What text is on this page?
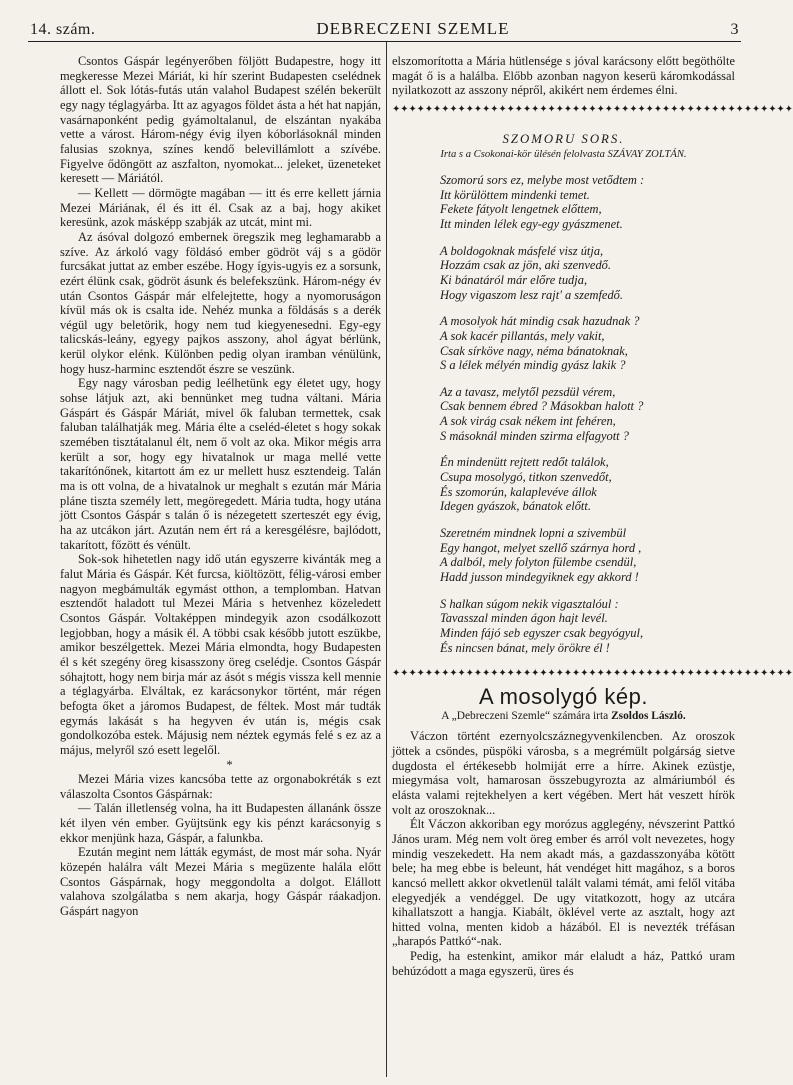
14. szám.	DEBRECZENI SZEMLE	3

Csontos Gáspár legényerőben följött Budapestre, hogy itt megkeresse Mezei Máriát, ki hír szerint Budapesten cselédnek állott el. Sok lótás-futás után valahol Budapest szélén bekerült egy nagy téglagyárba. Itt az agyagos földet ásta a hét hat napján, vasárnaponként pedig gyámoltalanul, de elszántan nyakába vette a várost. Három-négy évig ilyen kóborlásoknál minden falusias szoknya, színes kendő belevillámlott a szívébe. Figyelve ődöngött az aszfalton, nyomokat... jeleket, üzeneteket keresett — Máriától.

— Kellett — dörmögte magában — itt és erre kellett járnia Mezei Máriának, él és itt él. Csak az a baj, hogy akiket keresünk, azok másképp szabják az utcát, mint mi.

Az ásóval dolgozó embernek öregszik meg leghamarabb a szíve. Az árkoló vagy földásó ember gödröt váj s a gödör furcsákat juttat az ember eszébe. Hogy ígyis-ugyis ez a sorsunk, ezért élünk csak, gödröt ásunk és belefekszünk. Három-négy év után Csontos Gáspár már elfelejtette, hogy a nyomoruságon kívül más ok is csalta ide. Nehéz munka a földásás s a derék végül ugy beletörik, hogy nem tud kiegyenesedni. Egy-egy talicskás-leány, egyegy pajkos asszony, ahol ágyat bérlünk, kerül olykor elénk. Különben pedig olyan iramban vénülünk, hogy husz-harminc esztendőt észre se veszünk.

Egy nagy városban pedig leélhetünk egy életet ugy, hogy sohse látjuk azt, aki bennünket meg tudna váltani. Mária Gáspárt és Gáspár Máriát, mivel ők faluban termettek, csak faluban találhatják meg. Mária élte a cseléd-életet s hogy sokak szemében tisztátalanul élt, nem ő volt az oka. Mikor mégis arra került a sor, hogy egy hivatalnok ur maga mellé vette takarítónőnek, kitartott ám ez ur mellett husz esztendeig. Talán ma is ott volna, de a hivatalnok ur meghalt s ezután már Mária pláne tiszta személy lett, megöregedett. Mária tudta, hogy utána jött Csontos Gáspár s talán ő is nézegetett szerteszét egy évig, ha az utcákon járt. Azután nem ért rá a keresgélésre, bajlódott, takarított, főzött és vénült.

Sok-sok hihetetlen nagy idő után egyszerre kivánták meg a falut Mária és Gáspár. Két furcsa, kiöltözött, félig-városi ember nagyon megbámulták egymást otthon, a templomban. Hatvan esztendőt haladott tul Mezei Mária s hetvenhez közeledett Csontos Gáspár. Voltaképpen mindegyik azon csodálkozott legjobban, hogy a másik él. A többi csak később jutott eszükbe, amikor beszélgettek. Mezei Mária elmondta, hogy Budapesten él s két szegény öreg kisasszony öreg cselédje. Csontos Gáspár sóhajtott, hogy nem birja már az ásót s mégis vissza kell mennie a téglagyárba. Elváltak, ez karácsonykor történt, már régen befogta őket a járomos Budapest, de féltek. Most már tudták egymás lakását s ha hegyven év után is, mégis csak gondolkozóba estek. Májusig nem néztek egymás felé s ez az a május, melyről szó esett legelől.

*

Mezei Mária vizes kancsóba tette az orgonabokréták s ezt válaszolta Csontos Gáspárnak:

— Talán illetlenség volna, ha itt Budapesten állanánk össze két ilyen vén ember. Gyüjtsünk egy kis pénzt karácsonyig s ekkor menjünk haza, Gáspár, a falunkba.

Ezután megint nem látták egymást, de most már soha. Nyár közepén halálra vált Mezei Mária s megüzente halála előtt Csontos Gáspárnak, hogy meggondolta a dolgot. Elállott valahova szolgálatba s nem akarja, hogy Gáspár ráakadjon. Gáspárt nagyon

elszomorította a Mária hütlensége s jóval karácsony előtt begöthölte magát ő is a halálba. Előbb azonban nagyon keserü káromkodással nyilatkozott az asszony népről, akikért nem érdemes élni.

✦✦✦✦✦✦✦✦✦✦✦✦✦✦✦✦✦✦✦✦✦✦✦✦✦✦✦✦✦✦✦✦✦✦✦✦✦✦✦✦✦✦✦✦✦✦✦✦✦
SZOMORU SORS.
Irta s a Csokonai-kör ülésén felolvasta SZÁVAY ZOLTÁN.
Szomorú sors ez, melybe most vetődtem :
Itt körülöttem mindenki temet.
Fekete fátyolt lengetnek előttem,
Itt minden lélek egy-egy gyászmenet.
A boldogoknak másfelé visz útja,
Hozzám csak az jön, aki szenvedő.
Ki bánatáról már előre tudja,
Hogy vigaszom lesz rajt' a szemfedő.
A mosolyok hát mindig csak hazudnak ?
A sok kacér pillantás, mely vakit,
Csak sírköve nagy, néma bánatoknak,
S a lélek mélyén mindig gyász lakik ?
Az a tavasz, melytől pezsdül vérem,
Csak bennem ébred ? Másokban halott ?
A sok virág csak nékem int fehéren,
S másoknál minden szirma elfagyott ?
Én mindenütt rejtett redőt találok,
Csupa mosolygó, titkon szenvedőt,
És szomorún, kalaplevéve állok
Idegen gyászok, bánatok előtt.
Szeretném mindnek lopni a szivembül
Egy hangot, melyet szellő szárnya hord ,
A dalból, mely folyton fülembe csendül,
Hadd jusson mindegyiknek egy akkord !
S halkan súgom nekik vigasztalóul :
Tavasszal minden ágon hajt levél.
Minden fájó seb egyszer csak begyógyul,
És nincsen bánat, mely örökre él !
✦✦✦✦✦✦✦✦✦✦✦✦✦✦✦✦✦✦✦✦✦✦✦✦✦✦✦✦✦✦✦✦✦✦✦✦✦✦✦✦✦✦✦✦✦✦✦✦✦
A mosolygó kép.
A „Debreczeni Szemle“ számára irta Zsoldos László.

Váczon történt ezernyolcszáznegyvenkilencben. Az oroszok jöttek a csöndes, püspöki városba, s a megrémült polgárság sietve dugdosta el értékesebb holmiját erre a hírre. Akinek ezüstje, miegymása volt, hamarosan összebugyrozta az almáriumból és elásta valami rejtekhelyen a kert végében. Mert hát veszett hírök volt az oroszoknak...

Élt Váczon akkoriban egy morózus agglegény, névszerint Pattkó János uram. Még nem volt öreg ember és arról volt nevezetes, hogy mindig veszekedett. Ha nem akadt más, a gazdasszonyába kötött bele; ha meg ebbe is beleunt, hát vendéget hitt magához, s a boros kancsó mellett akkor okvetlenül talált valami témát, ami felől vitába elegyedjék a vendéggel. De ugy vitatkozott, hogy az utcára kihallatszott a hangja. Kiabált, öklével verte az asztalt, hogy azt hitted volna, menten kidob a házából. El is nevezték tréfásan „harapós Pattkó“-nak.

Pedig, ha estenkint, amikor már elaludt a ház, Pattkó uram behúzódott a maga egyszerü, üres és
